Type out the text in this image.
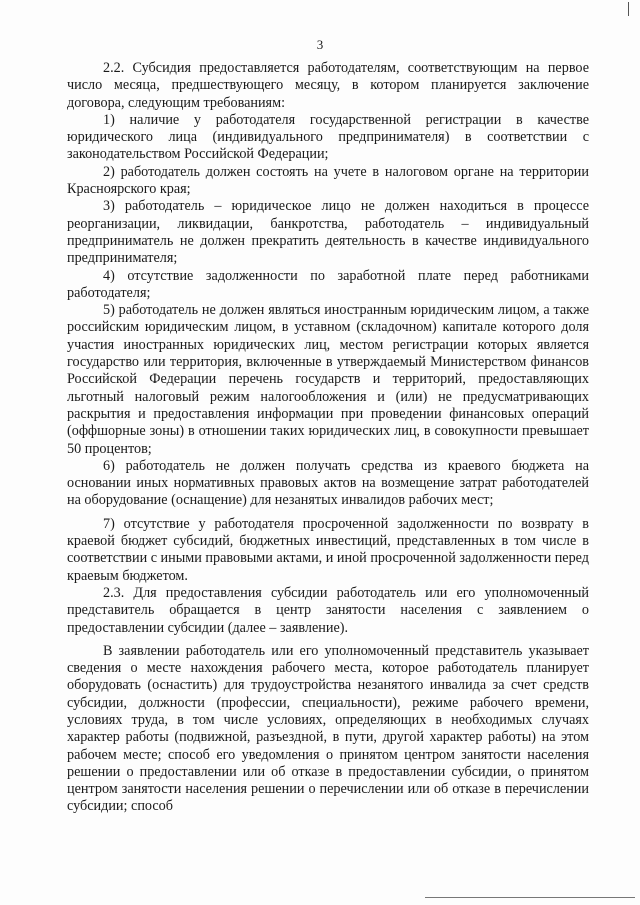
3

2.2. Субсидия предоставляется работодателям, соответствующим на первое число месяца, предшествующего месяцу, в котором планируется заключение договора, следующим требованиям:

1) наличие у работодателя государственной регистрации в качестве юридического лица (индивидуального предпринимателя) в соответствии с законодательством Российской Федерации;

2) работодатель должен состоять на учете в налоговом органе на территории Красноярского края;

3) работодатель – юридическое лицо не должен находиться в процессе реорганизации, ликвидации, банкротства, работодатель – индивидуальный предприниматель не должен прекратить деятельность в качестве индивидуального предпринимателя;

4) отсутствие задолженности по заработной плате перед работниками работодателя;

5) работодатель не должен являться иностранным юридическим лицом, а также российским юридическим лицом, в уставном (складочном) капитале которого доля участия иностранных юридических лиц, местом регистрации которых является государство или территория, включенные в утверждаемый Министерством финансов Российской Федерации перечень государств и территорий, предоставляющих льготный налоговый режим налогообложения и (или) не предусматривающих раскрытия и предоставления информации при проведении финансовых операций (оффшорные зоны) в отношении таких юридических лиц, в совокупности превышает 50 процентов;

6) работодатель не должен получать средства из краевого бюджета на основании иных нормативных правовых актов на возмещение затрат работодателей на оборудование (оснащение) для незанятых инвалидов рабочих мест;

7) отсутствие у работодателя просроченной задолженности по возврату в краевой бюджет субсидий, бюджетных инвестиций, представленных в том числе в соответствии с иными правовыми актами, и иной просроченной задолженности перед краевым бюджетом.

2.3. Для предоставления субсидии работодатель или его уполномоченный представитель обращается в центр занятости населения с заявлением о предоставлении субсидии (далее – заявление).

В заявлении работодатель или его уполномоченный представитель указывает сведения о месте нахождения рабочего места, которое работодатель планирует оборудовать (оснастить) для трудоустройства незанятого инвалида за счет средств субсидии, должности (профессии, специальности), режиме рабочего времени, условиях труда, в том числе условиях, определяющих в необходимых случаях характер работы (подвижной, разъездной, в пути, другой характер работы) на этом рабочем месте; способ его уведомления о принятом центром занятости населения решении о предоставлении или об отказе в предоставлении субсидии, о принятом центром занятости населения решении о перечислении или об отказе в перечислении субсидии; способ
